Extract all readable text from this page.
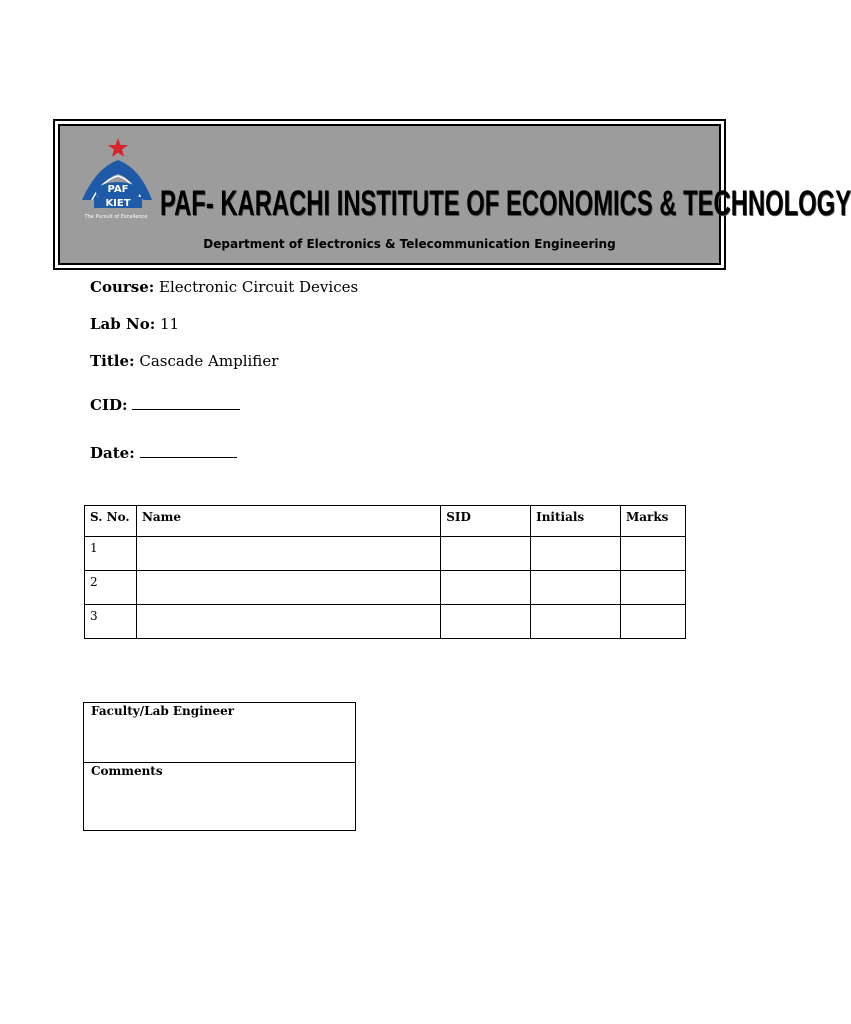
PAF
KIET
The Pursuit of Excellence PAF- KARACHI INSTITUTE OF ECONOMICS & TECHNOLOGY
Department of Electronics & Telecommunication Engineering
Course: Electronic Circuit Devices
Lab No: 11
Title: Cascade Amplifier
CID:
Date:
S. No.	Name	SID	Initials	Marks
1				
2				
3				
Faculty/Lab Engineer
Comments
